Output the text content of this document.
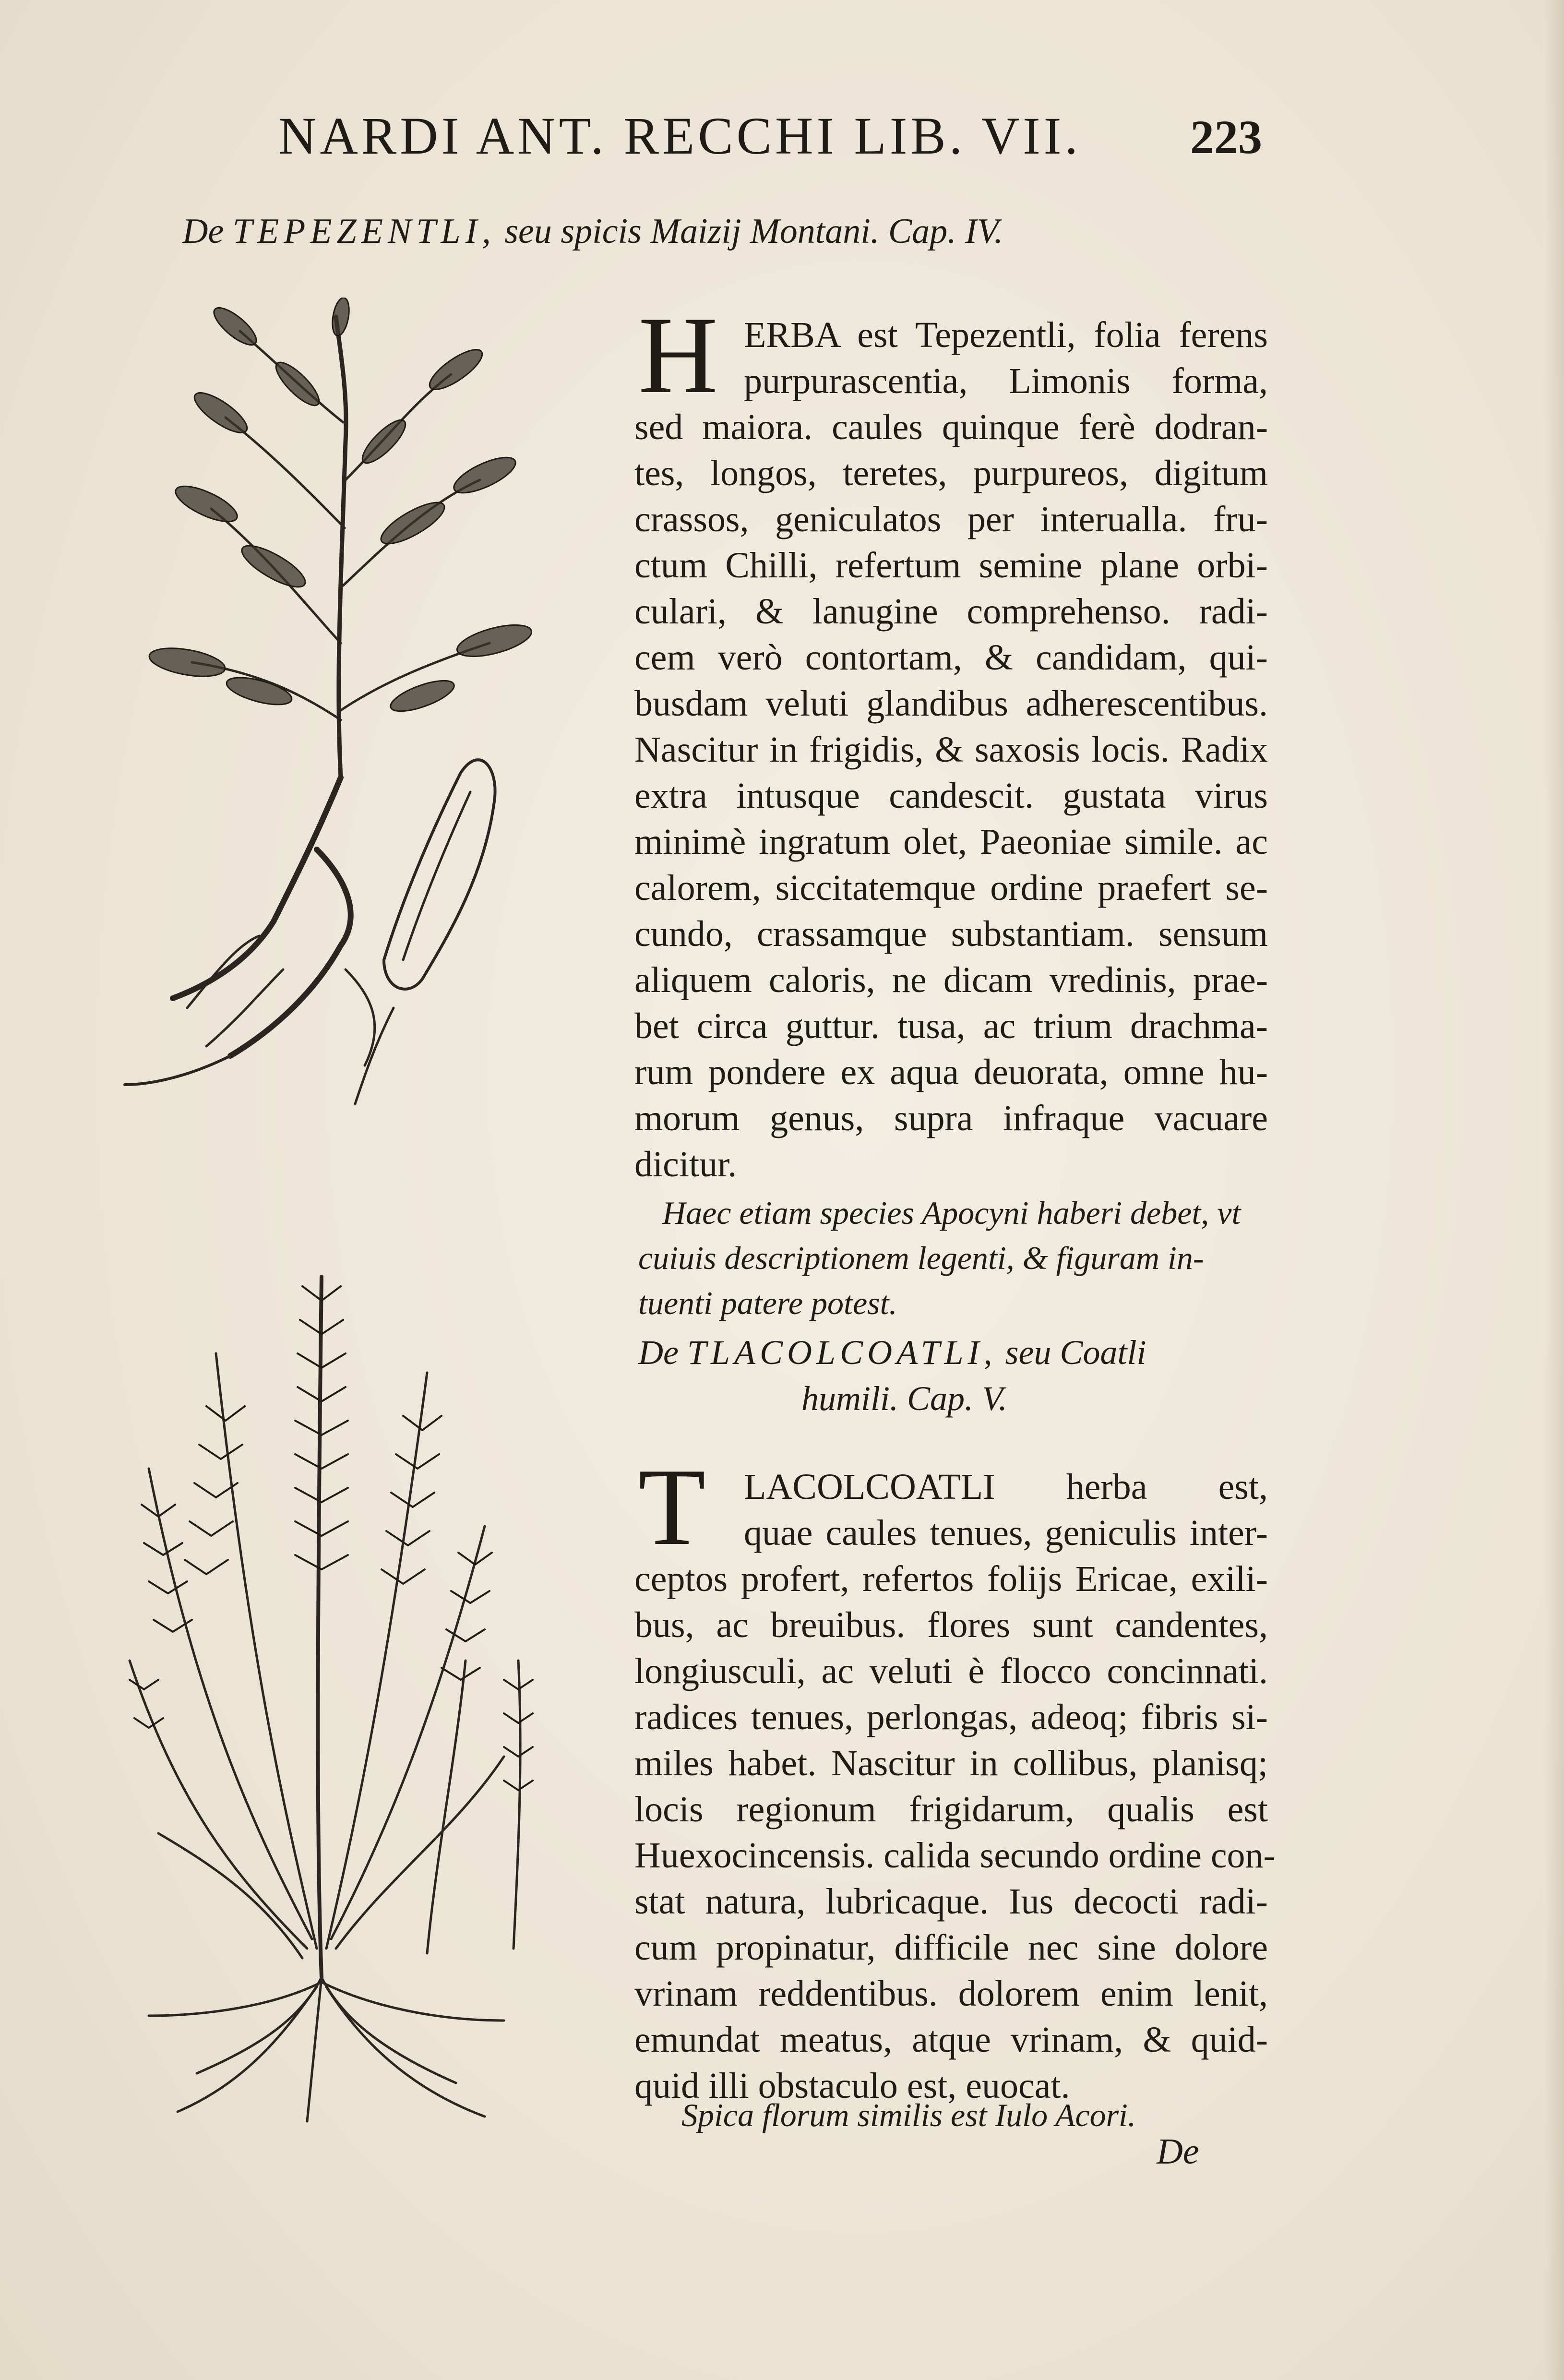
NARDI ANT. RECCHI LIB. VII. 223
De TEPEZENTLI, seu spicis Maizij Montani. Cap. IV.
H ERBA est Tepezentli, folia ferens
purpurascentia, Limonis forma,
sed maiora. caules quinque ferè dodran-
tes, longos, teretes, purpureos, digitum
crassos, geniculatos per interualla. fru-
ctum Chilli, refertum semine plane orbi-
culari, & lanugine comprehenso. radi-
cem verò contortam, & candidam, qui-
busdam veluti glandibus adherescentibus.
Nascitur in frigidis, & saxosis locis. Radix
extra intusque candescit. gustata virus
minimè ingratum olet, Paeoniae simile. ac
calorem, siccitatemque ordine praefert se-
cundo, crassamque substantiam. sensum
aliquem caloris, ne dicam vredinis, prae-
bet circa guttur. tusa, ac trium drachma-
rum pondere ex aqua deuorata, omne hu-
morum genus, supra infraque vacuare
dicitur.
Haec etiam species Apocyni haberi debet, vt
cuiuis descriptionem legenti, & figuram in-
tuenti patere potest.
De TLACOLCOATLI, seu Coatli
humili. Cap. V.
T	LACOLCOATLI herba est,
quae caules tenues, geniculis inter-
ceptos profert, refertos folijs Ericae, exili-
bus, ac breuibus. flores sunt candentes,
longiusculi, ac veluti è flocco concinnati.
radices tenues, perlongas, adeoq; fibris si-
miles habet. Nascitur in collibus, planisq;
locis regionum frigidarum, qualis est
Huexocincensis. calida secundo ordine con-
stat natura, lubricaque. Ius decocti radi-
cum propinatur, difficile nec sine dolore
vrinam reddentibus. dolorem enim lenit,
emundat meatus, atque vrinam, & quid-
quid illi obstaculo est, euocat.
Spica florum similis est Iulo Acori.
De
